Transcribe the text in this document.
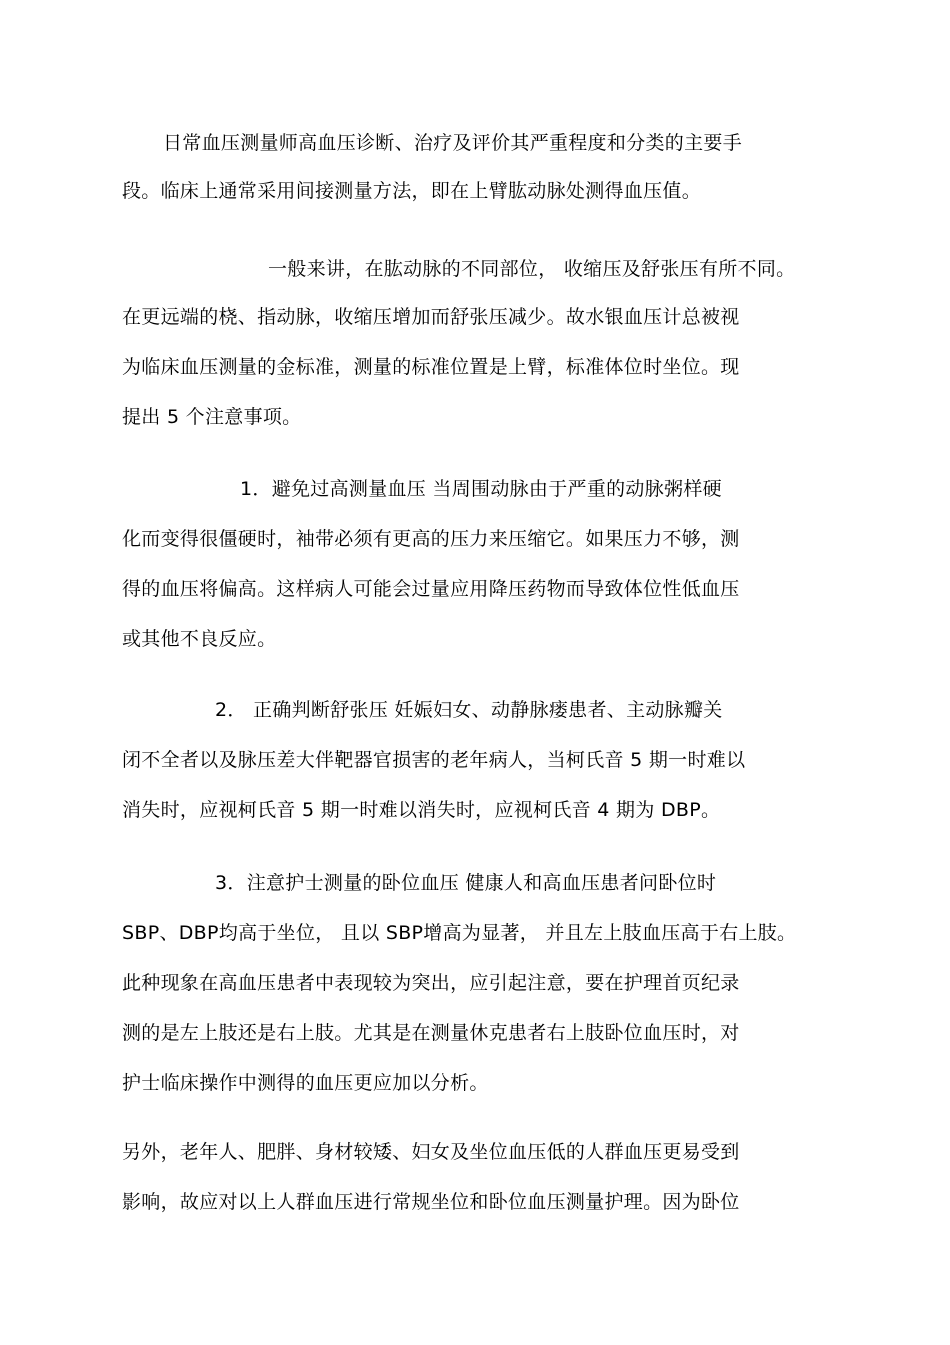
日常血压测量师高血压诊断、治疗及评价其严重程度和分类的主要手
段。临床上通常采用间接测量方法，即在上臂肱动脉处测得血压值。
一般来讲，在肱动脉的不同部位， 收缩压及舒张压有所不同。
在更远端的桡、指动脉，收缩压增加而舒张压减少。故水银血压计总被视
为临床血压测量的金标准，测量的标准位置是上臂，标准体位时坐位。现
提出 5 个注意事项。
1．避免过高测量血压 当周围动脉由于严重的动脉粥样硬
化而变得很僵硬时，袖带必须有更高的压力来压缩它。如果压力不够，测
得的血压将偏高。这样病人可能会过量应用降压药物而导致体位性低血压
或其他不良反应。
2． 正确判断舒张压 妊娠妇女、动静脉瘘患者、主动脉瓣关
闭不全者以及脉压差大伴靶器官损害的老年病人，当柯氏音 5 期一时难以
消失时，应视柯氏音 5 期一时难以消失时，应视柯氏音 4 期为 DBP。
3．注意护士测量的卧位血压 健康人和高血压患者问卧位时
SBP、DBP均高于坐位， 且以 SBP增高为显著， 并且左上肢血压高于右上肢。
此种现象在高血压患者中表现较为突出，应引起注意，要在护理首页纪录
测的是左上肢还是右上肢。尤其是在测量休克患者右上肢卧位血压时，对
护士临床操作中测得的血压更应加以分析。
另外，老年人、肥胖、身材较矮、妇女及坐位血压低的人群血压更易受到
影响，故应对以上人群血压进行常规坐位和卧位血压测量护理。因为卧位
